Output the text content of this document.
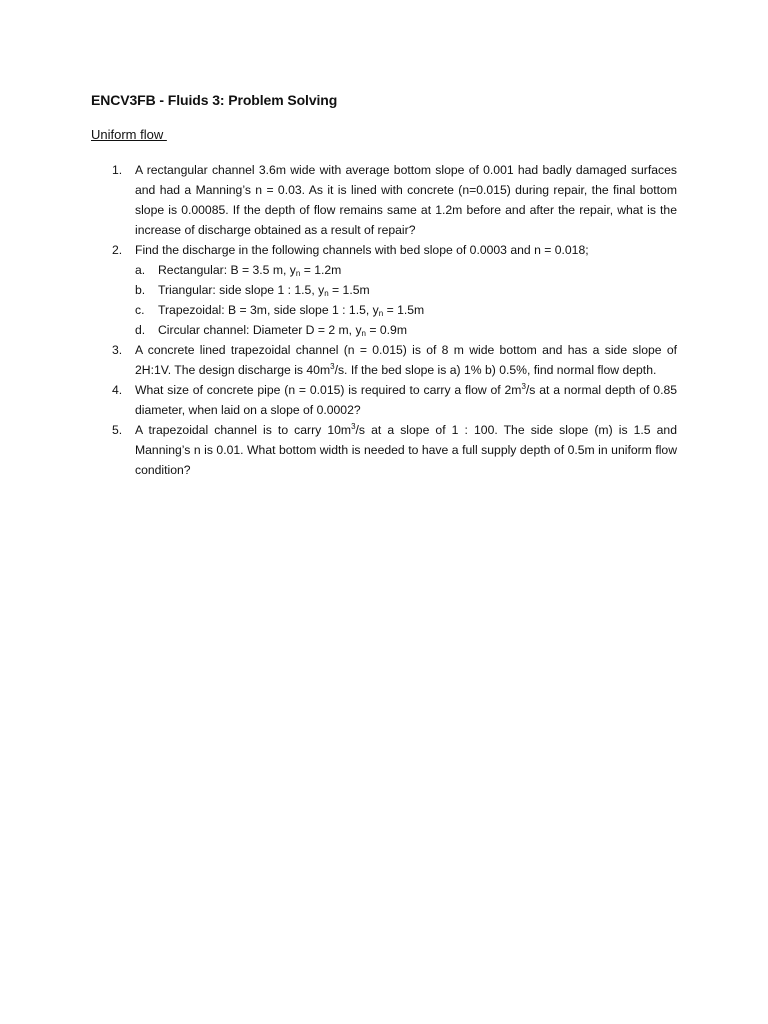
ENCV3FB - Fluids 3: Problem Solving
Uniform flow
1.	A rectangular channel 3.6m wide with average bottom slope of 0.001 had badly damaged surfaces and had a Manning’s n = 0.03. As it is lined with concrete (n=0.015) during repair, the final bottom slope is 0.00085. If the depth of flow remains same at 1.2m before and after the repair, what is the increase of discharge obtained as a result of repair?
2.	Find the discharge in the following channels with bed slope of 0.0003 and n = 0.018;
a. Rectangular: B = 3.5 m, $y_n = 1.2m$
b. Triangular: side slope 1 : 1.5, $y_n = 1.5m$
c. Trapezoidal: B = 3m, side slope 1 : 1.5, $y_n = 1.5m$
d. Circular channel: Diameter D = 2 m, $y_n = 0.9m$
3.	A concrete lined trapezoidal channel (n = 0.015) is of 8 m wide bottom and has a side slope of 2H:1V. The design discharge is $40m^3/s$. If the bed slope is a) 1% b) 0.5%, find normal flow depth.
4.	What size of concrete pipe (n = 0.015) is required to carry a flow of $2m^3/s$ at a normal depth of 0.85 diameter, when laid on a slope of 0.0002?
5.	A trapezoidal channel is to carry $10m^3/s$ at a slope of 1 : 100. The side slope (m) is 1.5 and Manning’s n is 0.01. What bottom width is needed to have a full supply depth of 0.5m in uniform flow condition?
